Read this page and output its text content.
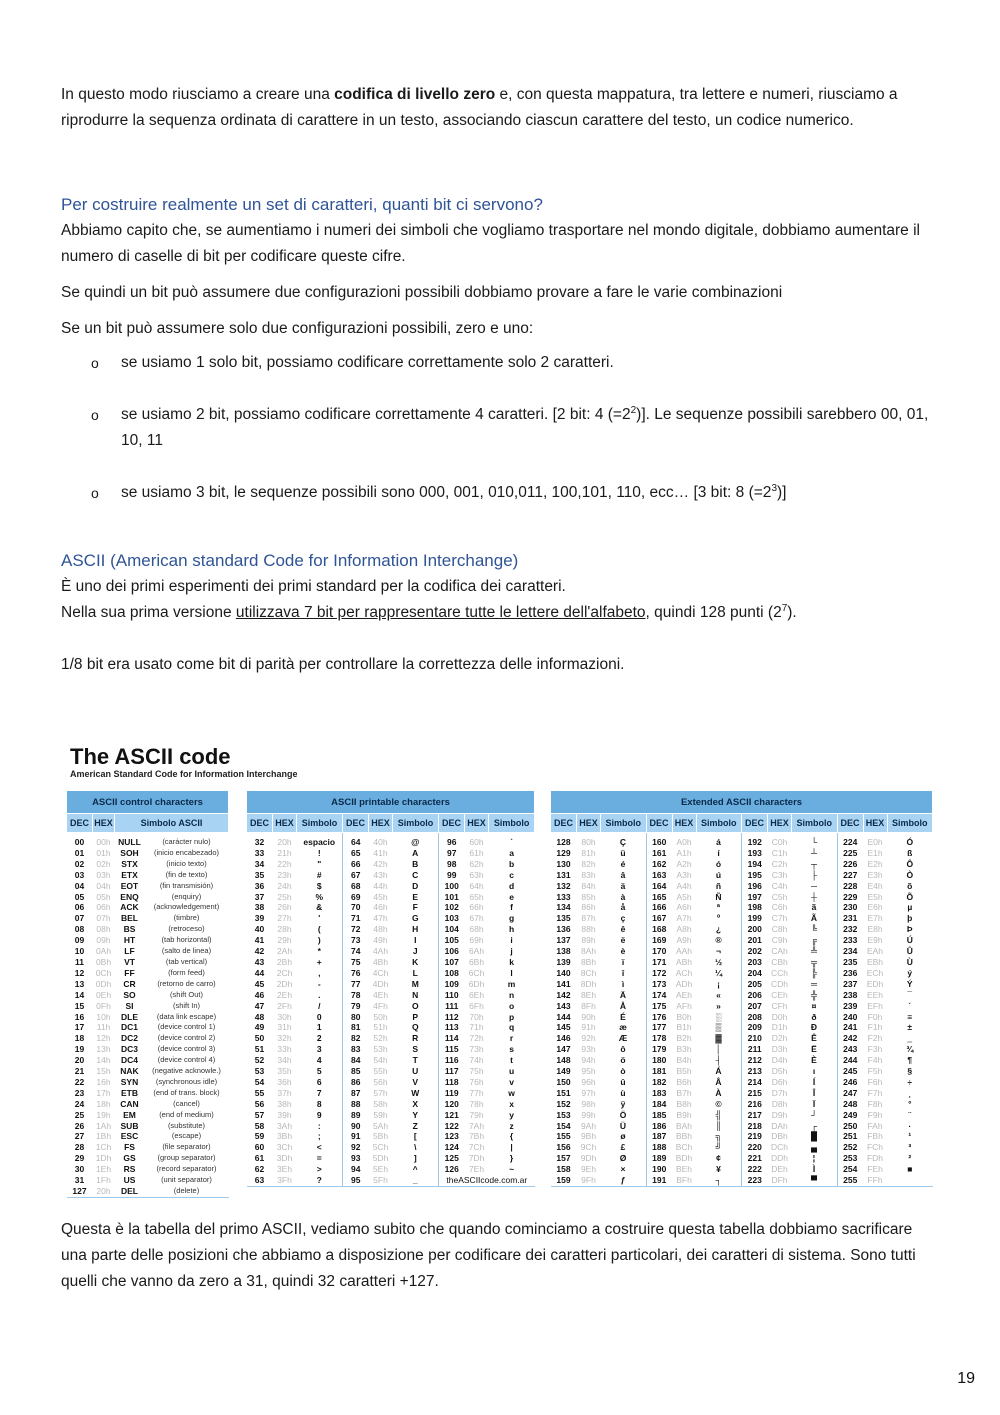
In questo modo riusciamo a creare una codifica di livello zero e, con questa mappatura, tra lettere e numeri, riusciamo a riprodurre la sequenza ordinata di carattere in un testo, associando ciascun carattere del testo, un codice numerico.

Per costruire realmente un set di caratteri, quanti bit ci servono?

Abbiamo capito che, se aumentiamo i numeri dei simboli che vogliamo trasportare nel mondo digitale, dobbiamo aumentare il numero di caselle di bit per codificare queste cifre.

Se quindi un bit può assumere due configurazioni possibili dobbiamo provare a fare le varie combinazioni

Se un bit può assumere solo due configurazioni possibili, zero e uno:

o se usiamo 1 solo bit, possiamo codificare correttamente solo 2 caratteri.
o se usiamo 2 bit, possiamo codificare correttamente 4 caratteri. [2 bit: 4 $(=2^2)$]. Le sequenze possibili sarebbero 00, 01, 10, 11
o se usiamo 3 bit, le sequenze possibili sono 000, 001, 010,011, 100,101, 110, ecc… [3 bit: 8 $(=2^3)$]
ASCII (American standard Code for Information Interchange)

È uno dei primi esperimenti dei primi standard per la codifica dei caratteri.

Nella sua prima versione utilizzava 7 bit per rappresentare tutte le lettere dell'alfabeto, quindi 128 punti $(2^7)$.

1/8 bit era usato come bit di parità per controllare la correttezza delle informazioni.

The ASCII code
American Standard Code for Information Interchange
ASCII control characters			
DEC	HEX	Simbolo ASCII	
00	00h	NULL	(carácter nulo)
01	01h	SOH	(inicio encabezado)
02	02h	STX	(inicio texto)
03	03h	ETX	(fin de texto)
04	04h	EOT	(fin transmisión)
05	05h	ENQ	(enquiry)
06	06h	ACK	(acknowledgement)
07	07h	BEL	(timbre)
08	08h	BS	(retroceso)
09	09h	HT	(tab horizontal)
10	0Ah	LF	(salto de linea)
11	0Bh	VT	(tab vertical)
12	0Ch	FF	(form feed)
13	0Dh	CR	(retorno de carro)
14	0Eh	SO	(shift Out)
15	0Fh	SI	(shift In)
16	10h	DLE	(data link escape)
17	11h	DC1	(device control 1)
18	12h	DC2	(device control 2)
19	13h	DC3	(device control 3)
20	14h	DC4	(device control 4)
21	15h	NAK	(negative acknowle.)
22	16h	SYN	(synchronous idle)
23	17h	ETB	(end of trans. block)
24	18h	CAN	(cancel)
25	19h	EM	(end of medium)
26	1Ah	SUB	(substitute)
27	1Bh	ESC	(escape)
28	1Ch	FS	(file separator)
29	1Dh	GS	(group separator)
30	1Eh	RS	(record separator)
31	1Fh	US	(unit separator)
127	20h	DEL	(delete)
ASCII printable characters								
DEC	HEX	Simbolo	DEC	HEX	Simbolo	DEC	HEX	Simbolo
32	20h	espacio	64	40h	@	96	60h	`
33	21h	!	65	41h	A	97	61h	a
34	22h	"	66	42h	B	98	62h	b
35	23h	#	67	43h	C	99	63h	c
36	24h	$	68	44h	D	100	64h	d
37	25h	%	69	45h	E	101	65h	e
38	26h	&	70	46h	F	102	66h	f
39	27h	'	71	47h	G	103	67h	g
40	28h	(	72	48h	H	104	68h	h
41	29h	)	73	49h	I	105	69h	i
42	2Ah	*	74	4Ah	J	106	6Ah	j
43	2Bh	+	75	4Bh	K	107	6Bh	k
44	2Ch	,	76	4Ch	L	108	6Ch	l
45	2Dh	-	77	4Dh	M	109	6Dh	m
46	2Eh	.	78	4Eh	N	110	6Eh	n
47	2Fh	/	79	4Fh	O	111	6Fh	o
48	30h	0	80	50h	P	112	70h	p
49	31h	1	81	51h	Q	113	71h	q
50	32h	2	82	52h	R	114	72h	r
51	33h	3	83	53h	S	115	73h	s
52	34h	4	84	54h	T	116	74h	t
53	35h	5	85	55h	U	117	75h	u
54	36h	6	86	56h	V	118	76h	v
55	37h	7	87	57h	W	119	77h	w
56	38h	8	88	58h	X	120	78h	x
57	39h	9	89	59h	Y	121	79h	y
58	3Ah	:	90	5Ah	Z	122	7Ah	z
59	3Bh	;	91	5Bh	[	123	7Bh	{
60	3Ch	<	92	5Ch	\	124	7Ch	|
61	3Dh	=	93	5Dh	]	125	7Dh	}
62	3Eh	>	94	5Eh	^	126	7Eh	~
63	3Fh	?	95	5Fh	_	theASCIIcode.com.ar		
Extended ASCII characters											
DEC	HEX	Simbolo	DEC	HEX	Simbolo	DEC	HEX	Simbolo	DEC	HEX	Simbolo
128	80h	Ç	160	A0h	á	192	C0h	└	224	E0h	Ó
129	81h	ü	161	A1h	í	193	C1h	┴	225	E1h	ß
130	82h	é	162	A2h	ó	194	C2h	┬	226	E2h	Ô
131	83h	â	163	A3h	ú	195	C3h	├	227	E3h	Ò
132	84h	ä	164	A4h	ñ	196	C4h	─	228	E4h	õ
133	85h	à	165	A5h	Ñ	197	C5h	┼	229	E5h	Õ
134	86h	å	166	A6h	ª	198	C6h	ã	230	E6h	µ
135	87h	ç	167	A7h	º	199	C7h	Ã	231	E7h	þ
136	88h	ê	168	A8h	¿	200	C8h	╚	232	E8h	Þ
137	89h	ë	169	A9h	®	201	C9h	╔	233	E9h	Ú
138	8Ah	è	170	AAh	¬	202	CAh	╩	234	EAh	Û
139	8Bh	ï	171	ABh	½	203	CBh	╦	235	EBh	Ù
140	8Ch	î	172	ACh	¼	204	CCh	╠	236	ECh	ý
141	8Dh	ì	173	ADh	¡	205	CDh	═	237	EDh	Ý
142	8Eh	Ä	174	AEh	«	206	CEh	╬	238	EEh	¯
143	8Fh	Å	175	AFh	»	207	CFh	¤	239	EFh	´
144	90h	É	176	B0h	░	208	D0h	ð	240	F0h	≡
145	91h	æ	177	B1h	▒	209	D1h	Ð	241	F1h	±
146	92h	Æ	178	B2h	▓	210	D2h	Ê	242	F2h	‗
147	93h	ô	179	B3h	│	211	D3h	Ë	243	F3h	¾
148	94h	ö	180	B4h	┤	212	D4h	È	244	F4h	¶
149	95h	ò	181	B5h	Á	213	D5h	ı	245	F5h	§
150	96h	û	182	B6h	Â	214	D6h	Í	246	F6h	÷
151	97h	ù	183	B7h	À	215	D7h	Î	247	F7h	¸
152	98h	ÿ	184	B8h	©	216	D8h	Ï	248	F8h	°
153	99h	Ö	185	B9h	╣	217	D9h	┘	249	F9h	¨
154	9Ah	Ü	186	BAh	║	218	DAh	┌	250	FAh	·
155	9Bh	ø	187	BBh	╗	219	DBh	█	251	FBh	¹
156	9Ch	£	188	BCh	╝	220	DCh	▄	252	FCh	³
157	9Dh	Ø	189	BDh	¢	221	DDh	¦	253	FDh	²
158	9Eh	×	190	BEh	¥	222	DEh	Ì	254	FEh	■
159	9Fh	ƒ	191	BFh	┐	223	DFh	▀	255	FFh	

Questa è la tabella del primo ASCII, vediamo subito che quando cominciamo a costruire questa tabella dobbiamo sacrificare una parte delle posizioni che abbiamo a disposizione per codificare dei caratteri particolari, dei caratteri di sistema. Sono tutti quelli che vanno da zero a 31, quindi 32 caratteri +127.

19
